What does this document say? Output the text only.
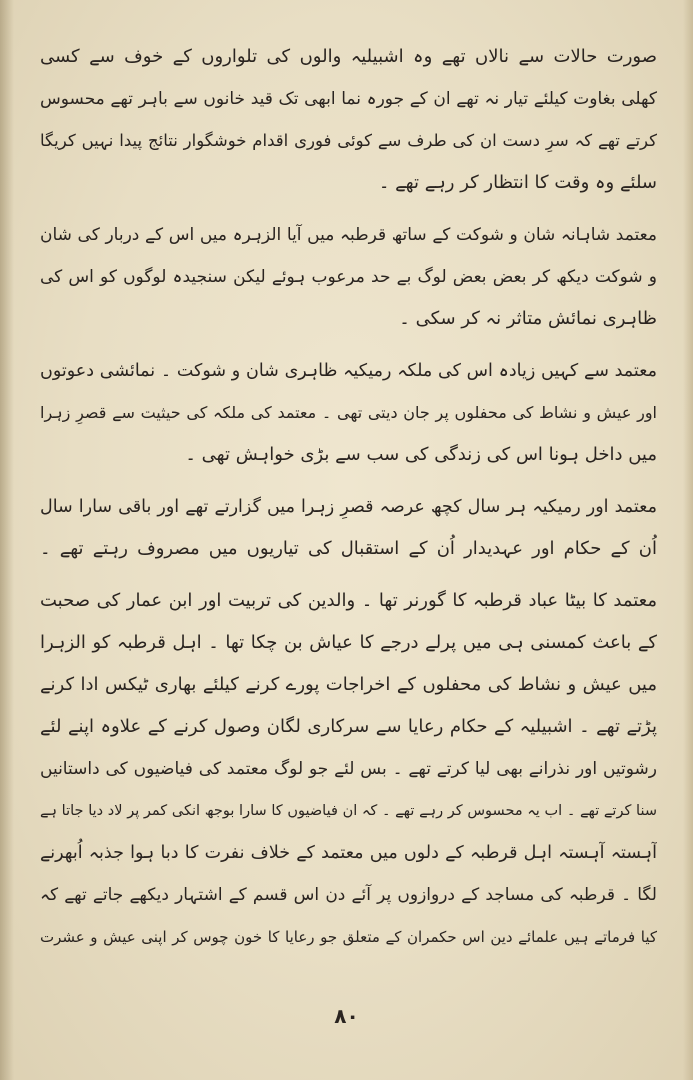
صورت حالات سے نالاں تھے وہ اشبیلیہ والوں کی تلواروں کے خوف سے کسی
کھلی بغاوت کیلئے تیار نہ تھے ان کے جورہ نما ابھی تک قید خانوں سے باہر تھے محسوس
کرتے تھے کہ سرِ دست ان کی طرف سے کوئی فوری اقدام خوشگوار نتائج پیدا نہیں کریگا
سلئے وہ وقت کا انتظار کر رہے تھے ۔
معتمد شاہانہ شان و شوکت کے ساتھ قرطبہ میں آیا الزہرہ میں اس کے دربار کی شان
و شوکت دیکھ کر بعض بعض لوگ بے حد مرعوب ہوئے لیکن سنجیدہ لوگوں کو اس کی
ظاہری نمائش متاثر نہ کر سکی ۔
معتمد سے کہیں زیادہ اس کی ملکہ رمیکیہ ظاہری شان و شوکت ۔ نمائشی دعوتوں
اور عیش و نشاط کی محفلوں پر جان دیتی تھی ۔ معتمد کی ملکہ کی حیثیت سے قصرِ زہرا
میں داخل ہونا اس کی زندگی کی سب سے بڑی خواہش تھی ۔
معتمد اور رمیکیہ ہر سال کچھ عرصہ قصرِ زہرا میں گزارتے تھے اور باقی سارا سال
اُن کے حکام اور عہدیدار اُن کے استقبال کی تیاریوں میں مصروف رہتے تھے ۔
معتمد کا بیٹا عباد قرطبہ کا گورنر تھا ۔ والدین کی تربیت اور ابن عمار کی صحبت
کے باعث کمسنی ہی میں پرلے درجے کا عیاش بن چکا تھا ۔ اہل قرطبہ کو الزہرا
میں عیش و نشاط کی محفلوں کے اخراجات پورے کرنے کیلئے بھاری ٹیکس ادا کرنے
پڑتے تھے ۔ اشبیلیہ کے حکام رعایا سے سرکاری لگان وصول کرنے کے علاوہ اپنے لئے
رشوتیں اور نذرانے بھی لیا کرتے تھے ۔ بس لئے جو لوگ معتمد کی فیاضیوں کی داستانیں
سنا کرتے تھے ۔ اب یہ محسوس کر رہے تھے ۔ کہ ان فیاضیوں کا سارا بوجھ انکی کمر پر لاد دیا جاتا ہے
آہستہ آہستہ اہل قرطبہ کے دلوں میں معتمد کے خلاف نفرت کا دبا ہوا جذبہ اُبھرنے
لگا ۔ قرطبہ کی مساجد کے دروازوں پر آئے دن اس قسم کے اشتہار دیکھے جاتے تھے کہ
کیا فرماتے ہیں علمائے دین اس حکمران کے متعلق جو رعایا کا خون چوس کر اپنی عیش و عشرت
۸۰
